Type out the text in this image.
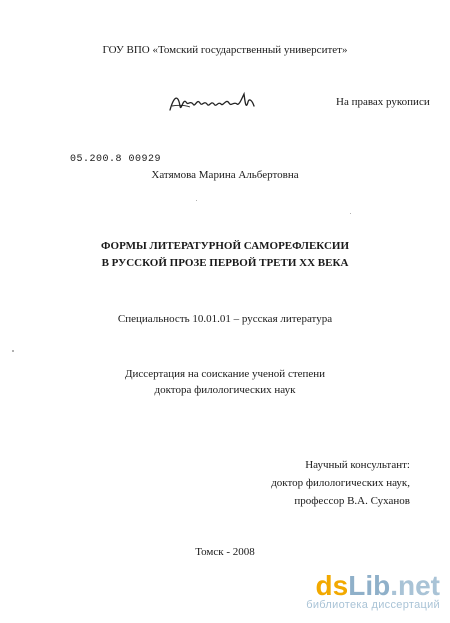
ГОУ ВПО «Томский государственный университет»
На правах рукописи
05.200.8 00929
Хатямова Марина Альбертовна
ФОРМЫ ЛИТЕРАТУРНОЙ САМОРЕФЛЕКСИИ
В РУССКОЙ ПРОЗЕ ПЕРВОЙ ТРЕТИ ХХ ВЕКА
Специальность 10.01.01 – русская литература
Диссертация на соискание ученой степени
доктора филологических наук
Научный консультант:
доктор филологических наук,
профессор В.А. Суханов
Томск - 2008
dsLib.net
библиотека диссертаций
